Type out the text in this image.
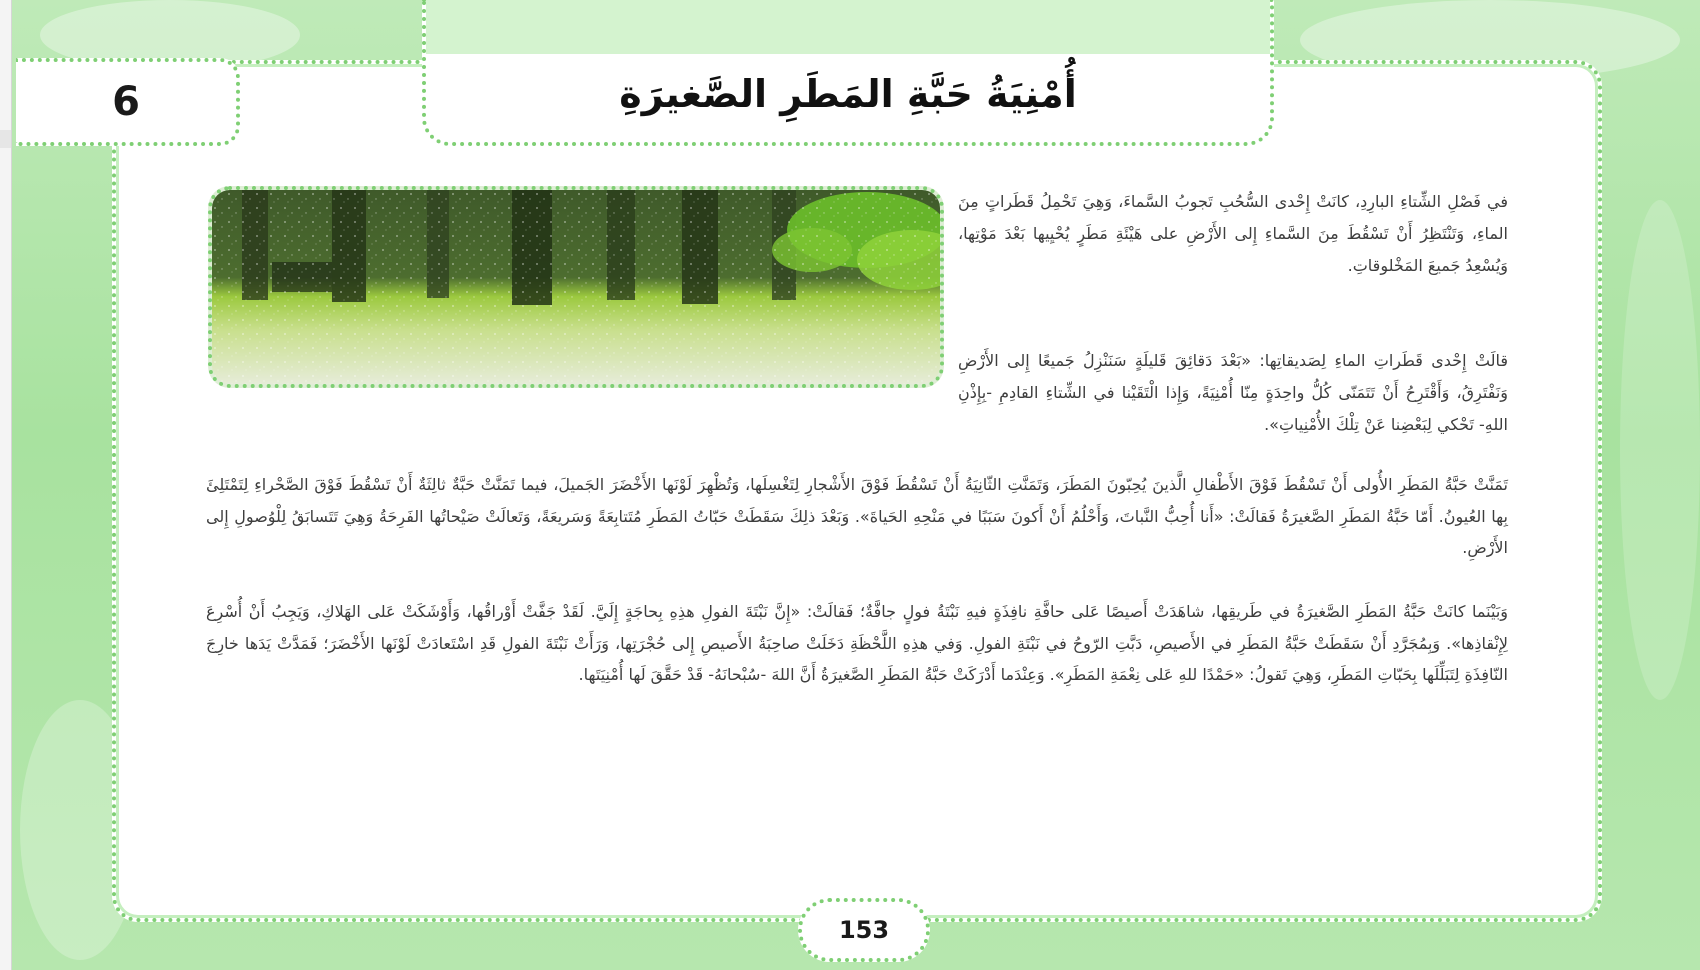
6	أُمْنِيَةُ حَبَّةِ المَطَرِ الصَّغيرَةِ

في فَصْلِ الشِّتاءِ البارِدِ، كانَتْ إِحْدى السُّحُبِ تَجوبُ السَّماءَ، وَهِيَ تَحْمِلُ قَطَراتٍ مِنَ الماءِ، وَتَنْتَظِرُ أَنْ تَسْقُطَ مِنَ السَّماءِ إِلى الأَرْضِ على هَيْئَةِ مَطَرٍ يُحْيِيها بَعْدَ مَوْتِها، وَيُسْعِدُ جَميعَ المَخْلوقاتِ.

قالَتْ إِحْدى قَطَراتِ الماءِ لِصَديقاتِها: «بَعْدَ دَقائِقَ قَليلَةٍ سَنَنْزِلُ جَميعًا إِلى الأَرْضِ وَنَفْتَرِقُ، وَأَقْتَرِحُ أَنْ تَتَمَنّى كُلُّ واحِدَةٍ مِنّا أُمْنِيَةً، وَإِذا الْتَقَيْنا في الشِّتاءِ القادِمِ -بِإِذْنِ اللهِ- تَحْكي لِبَعْضِنا عَنْ تِلْكَ الأُمْنِياتِ».

تَمَنَّتْ حَبَّةُ المَطَرِ الأُولى أَنْ تَسْقُطَ فَوْقَ الأَطْفالِ الَّذينَ يُحِبّونَ المَطَرَ، وَتَمَنَّتِ الثّانِيَةُ أَنْ تَسْقُطَ فَوْقَ الأَشْجارِ لِتَغْسِلَها، وَتُظْهِرَ لَوْنَها الأَخْضَرَ الجَميلَ، فيما تَمَنَّتْ حَبَّةٌ ثالِثَةٌ أَنْ تَسْقُطَ فَوْقَ الصَّحْراءِ لِتَمْتَلِئَ بِها العُيونُ. أَمّا حَبَّةُ المَطَرِ الصَّغيرَةُ فَقالَتْ: «أَنا أُحِبُّ النَّباتَ، وَأَحْلُمُ أَنْ أَكونَ سَبَبًا في مَنْحِهِ الحَياةَ». وَبَعْدَ ذلِكَ سَقَطَتْ حَبّاتُ المَطَرِ مُتَتابِعَةً وَسَريعَةً، وَتَعالَتْ صَيْحاتُها الفَرِحَةُ وَهِيَ تَتَسابَقُ لِلْوُصولِ إِلى الأَرْضِ.

وَبَيْنَما كانَتْ حَبَّةُ المَطَرِ الصَّغيرَةُ في طَريقِها، شاهَدَتْ أَصيصًا عَلى حافَّةِ نافِذَةٍ فيهِ نَبْتَةُ فولٍ جافَّةٌ؛ فَقالَتْ: «إِنَّ نَبْتَةَ الفولِ هذِهِ بِحاجَةٍ إِلَيَّ. لَقَدْ جَفَّتْ أَوْراقُها، وَأَوْشَكَتْ عَلى الهَلاكِ، وَيَجِبُ أَنْ أُسْرِعَ لِإِنْقاذِها». وَبِمُجَرَّدِ أَنْ سَقَطَتْ حَبَّةُ المَطَرِ في الأَصيصِ، دَبَّتِ الرّوحُ في نَبْتَةِ الفولِ. وَفي هذِهِ اللَّحْظَةِ دَخَلَتْ صاحِبَةُ الأَصيصِ إِلى حُجْرَتِها، وَرَأَتْ نَبْتَةَ الفولِ قَدِ اسْتَعادَتْ لَوْنَها الأَخْضَرَ؛ فَمَدَّتْ يَدَها خارِجَ النّافِذَةِ لِتَبَلِّلَها بِحَبّاتِ المَطَرِ، وَهِيَ تَقولُ: «حَمْدًا للهِ عَلى نِعْمَةِ المَطَرِ». وَعِنْدَما أَدْرَكَتْ حَبَّةُ المَطَرِ الصَّغيرَةُ أَنَّ اللهَ -سُبْحانَهُ- قَدْ حَقَّقَ لَها أُمْنِيَتَها.

153
